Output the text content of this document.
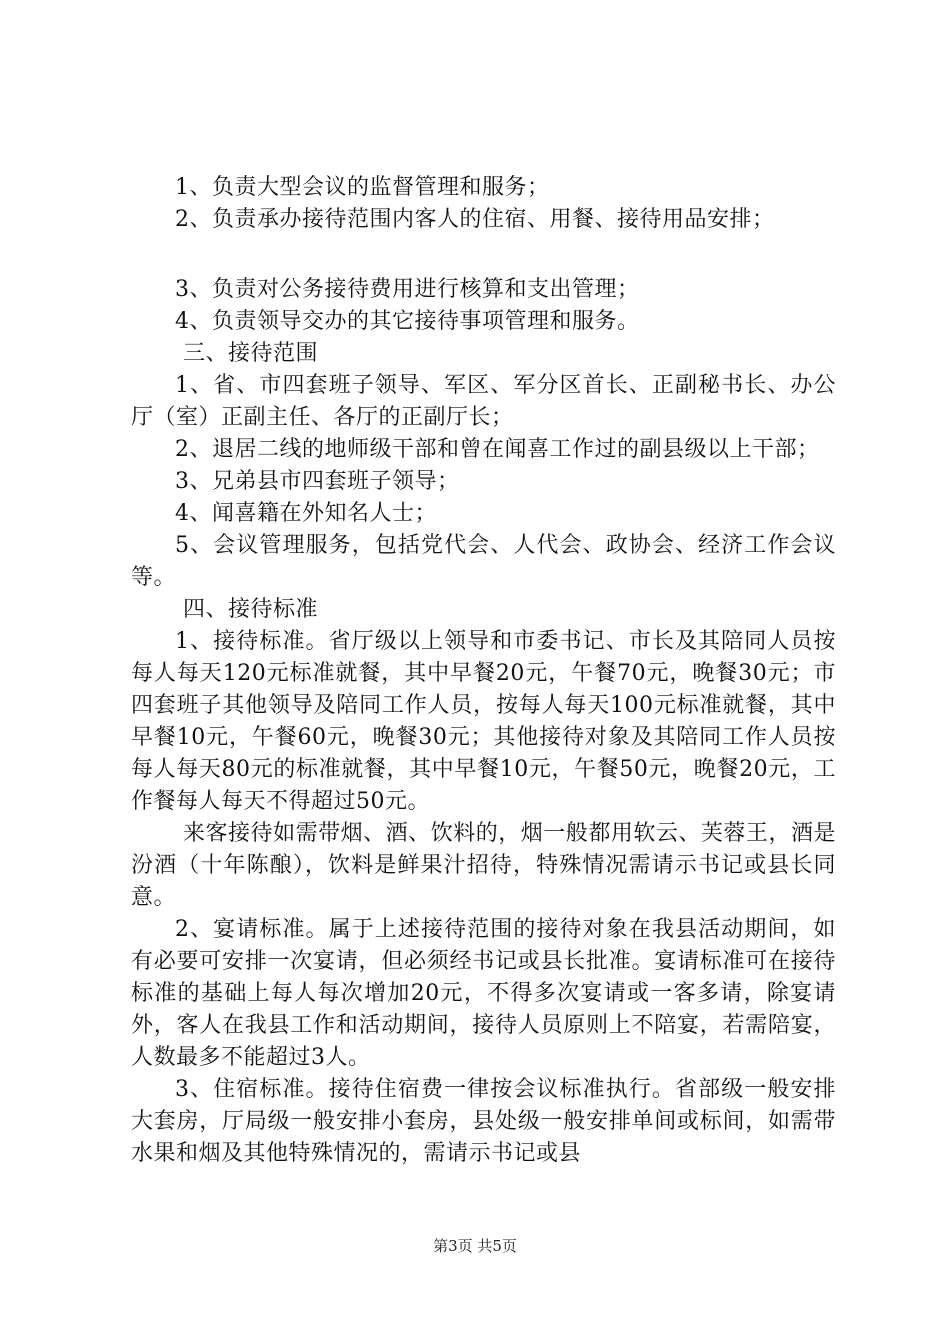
1、负责大型会议的监督管理和服务；

2、负责承办接待范围内客人的住宿、用餐、接待用品安排；

3、负责对公务接待费用进行核算和支出管理；

4、负责领导交办的其它接待事项管理和服务。

三、接待范围

1、省、市四套班子领导、军区、军分区首长、正副秘书长、办公厅（室）正副主任、各厅的正副厅长；

2、退居二线的地师级干部和曾在闻喜工作过的副县级以上干部；

3、兄弟县市四套班子领导；

4、闻喜籍在外知名人士；

5、会议管理服务，包括党代会、人代会、政协会、经济工作会议等。

四、接待标准

1、接待标准。省厅级以上领导和市委书记、市长及其陪同人员按每人每天120元标准就餐，其中早餐20元，午餐70元，晚餐30元；市四套班子其他领导及陪同工作人员，按每人每天100元标准就餐，其中早餐10元，午餐60元，晚餐30元；其他接待对象及其陪同工作人员按每人每天80元的标准就餐，其中早餐10元，午餐50元，晚餐20元，工作餐每人每天不得超过50元。

来客接待如需带烟、酒、饮料的，烟一般都用软云、芙蓉王，酒是汾酒（十年陈酿），饮料是鲜果汁招待，特殊情况需请示书记或县长同意。

2、宴请标准。属于上述接待范围的接待对象在我县活动期间，如有必要可安排一次宴请，但必须经书记或县长批准。宴请标准可在接待标准的基础上每人每次增加20元，不得多次宴请或一客多请，除宴请外，客人在我县工作和活动期间，接待人员原则上不陪宴，若需陪宴，人数最多不能超过3人。

3、住宿标准。接待住宿费一律按会议标准执行。省部级一般安排大套房，厅局级一般安排小套房，县处级一般安排单间或标间，如需带水果和烟及其他特殊情况的，需请示书记或县

第3页 共5页
